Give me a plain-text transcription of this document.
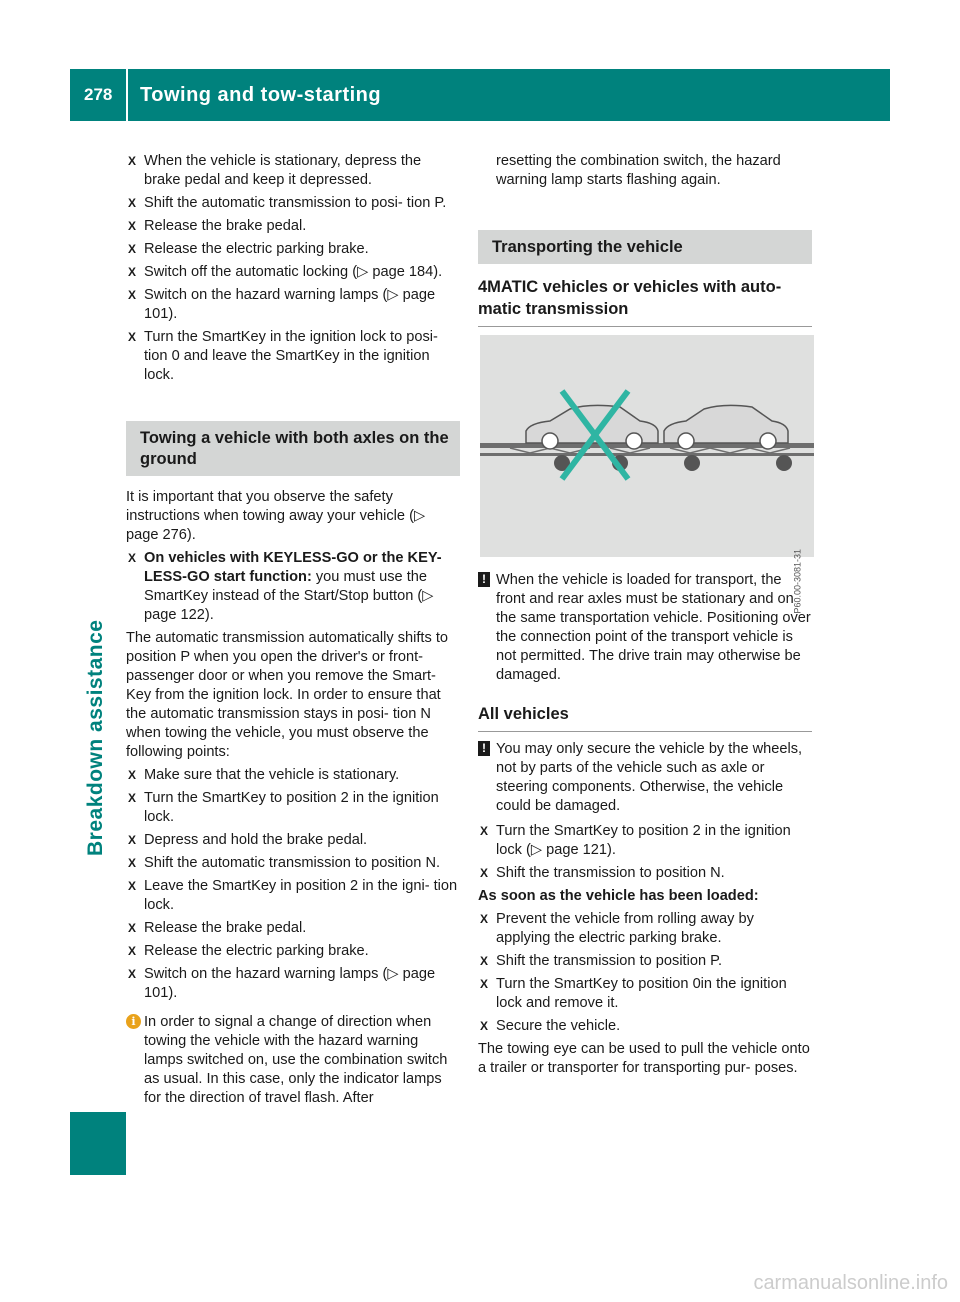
278	Towing and tow-starting
Breakdown assistance
X
When the vehicle is stationary, depress the brake pedal and keep it depressed.
X
Shift the automatic transmission to posi- tion P.
X
Release the brake pedal.
X
Release the electric parking brake.
X
Switch off the automatic locking (▷ page 184).
X
Switch on the hazard warning lamps (▷ page 101).
X
Turn the SmartKey in the ignition lock to posi- tion 0 and leave the SmartKey in the ignition lock.
Towing a vehicle with both axles on the ground
It is important that you observe the safety instructions when towing away your vehicle (▷ page 276).
X
On vehicles with KEYLESS-GO or the KEY- LESS-GO start function: you must use the SmartKey instead of the Start/Stop button (▷ page 122).
The automatic transmission automatically shifts to position P when you open the driver's or front- passenger door or when you remove the Smart- Key from the ignition lock. In order to ensure that the automatic transmission stays in posi- tion N when towing the vehicle, you must observe the following points:
X
Make sure that the vehicle is stationary.
X
Turn the SmartKey to position 2 in the ignition lock.
X
Depress and hold the brake pedal.
X
Shift the automatic transmission to position N.
X
Leave the SmartKey in position 2 in the igni- tion lock.
X
Release the brake pedal.
X
Release the electric parking brake.
X
Switch on the hazard warning lamps (▷ page 101).
i In order to signal a change of direction when towing the vehicle with the hazard warning lamps switched on, use the combination switch as usual. In this case, only the indicator lamps for the direction of travel flash. After
resetting the combination switch, the hazard warning lamp starts flashing again.
Transporting the vehicle
4MATIC vehicles or vehicles with auto- matic transmission
P60.00-3081-31
! When the vehicle is loaded for transport, the front and rear axles must be stationary and on the same transportation vehicle. Positioning over the connection point of the transport vehicle is not permitted. The drive train may otherwise be damaged.
All vehicles
! You may only secure the vehicle by the wheels, not by parts of the vehicle such as axle or steering components. Otherwise, the vehicle could be damaged.
X
Turn the SmartKey to position 2 in the ignition lock (▷ page 121).
X
Shift the transmission to position N.
As soon as the vehicle has been loaded:
X
Prevent the vehicle from rolling away by applying the electric parking brake.
X
Shift the transmission to position P.
X
Turn the SmartKey to position 0in the ignition lock and remove it.
X
Secure the vehicle.
The towing eye can be used to pull the vehicle onto a trailer or transporter for transporting pur- poses.
carmanualsonline.info
